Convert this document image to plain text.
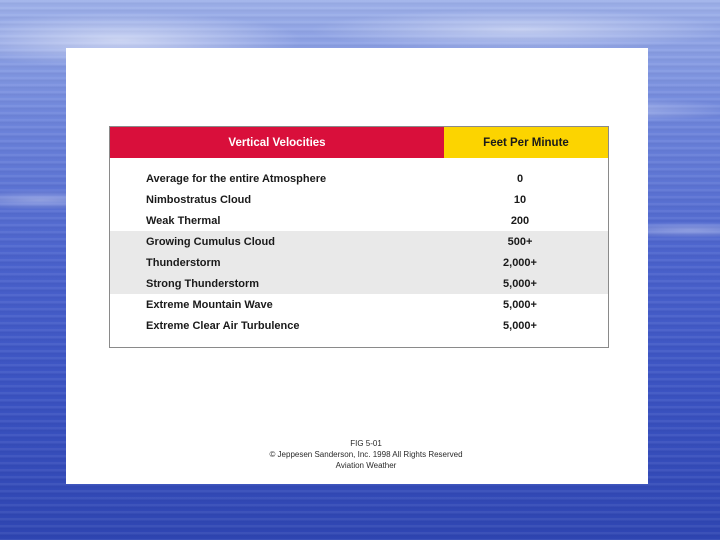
Vertical Velocities	Feet Per Minute
Average for the entire Atmosphere	0
Nimbostratus Cloud	10
Weak Thermal	200
Growing Cumulus Cloud	500+
Thunderstorm	2,000+
Strong Thunderstorm	5,000+
Extreme Mountain Wave	5,000+
Extreme Clear Air Turbulence	5,000+
FIG 5-01
© Jeppesen Sanderson, Inc. 1998 All Rights Reserved
Aviation Weather
